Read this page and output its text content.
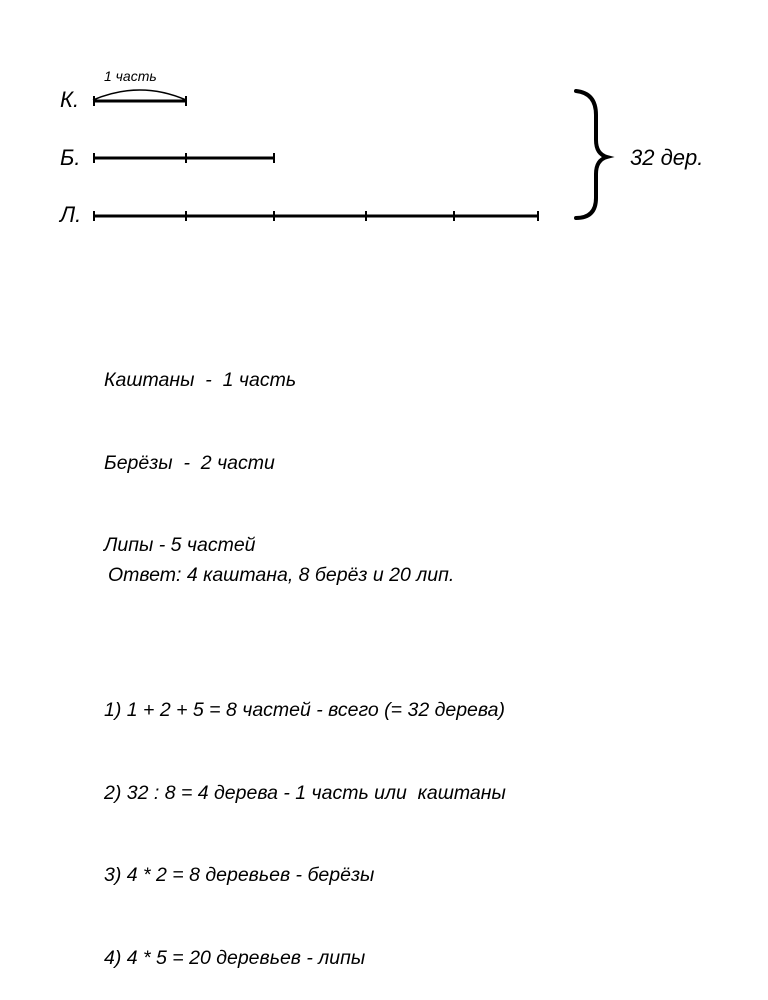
1 часть
К.
Б.
Л.
32 дер.

Каштаны  -  1 часть

Берёзы  -  2 части

Липы - 5 частей

1) 1 + 2 + 5 = 8 частей - всего (= 32 дерева)

2) 32 : 8 = 4 дерева - 1 часть или  каштаны

3) 4 * 2 = 8 деревьев - берёзы

4) 4 * 5 = 20 деревьев - липы

Ответ: 4 каштана, 8 берёз и 20 лип.
